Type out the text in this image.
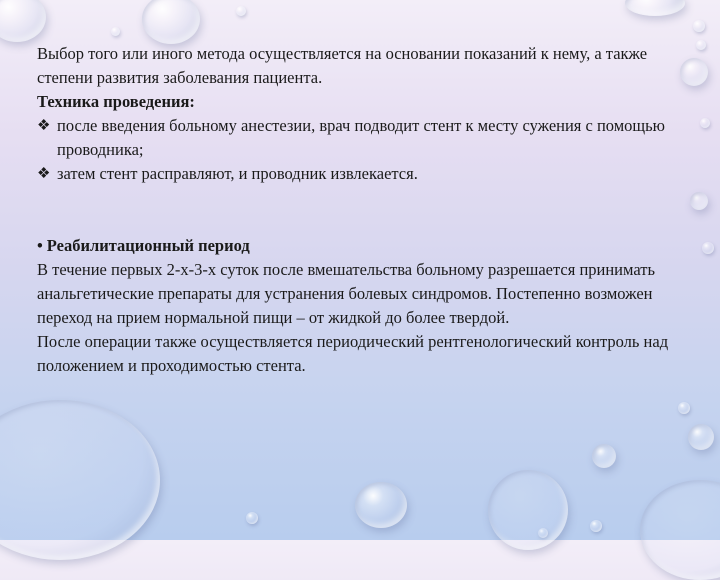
Выбор того или иного метода осуществляется на основании показаний к нему, а также степени развития заболевания пациента.

Техника проведения:

❖ после введения больному анестезии, врач подводит стент к месту сужения с помощью проводника;
❖ затем стент расправляют, и проводник извлекается.

• Реабилитационный период

В течение первых 2-х-3-х суток после вмешательства больному разрешается принимать анальгетические препараты для устранения болевых синдромов. Постепенно возможен переход на прием нормальной пищи – от жидкой до более твердой.

После операции также осуществляется периодический рентгенологический контроль над положением и проходимостью стента.
